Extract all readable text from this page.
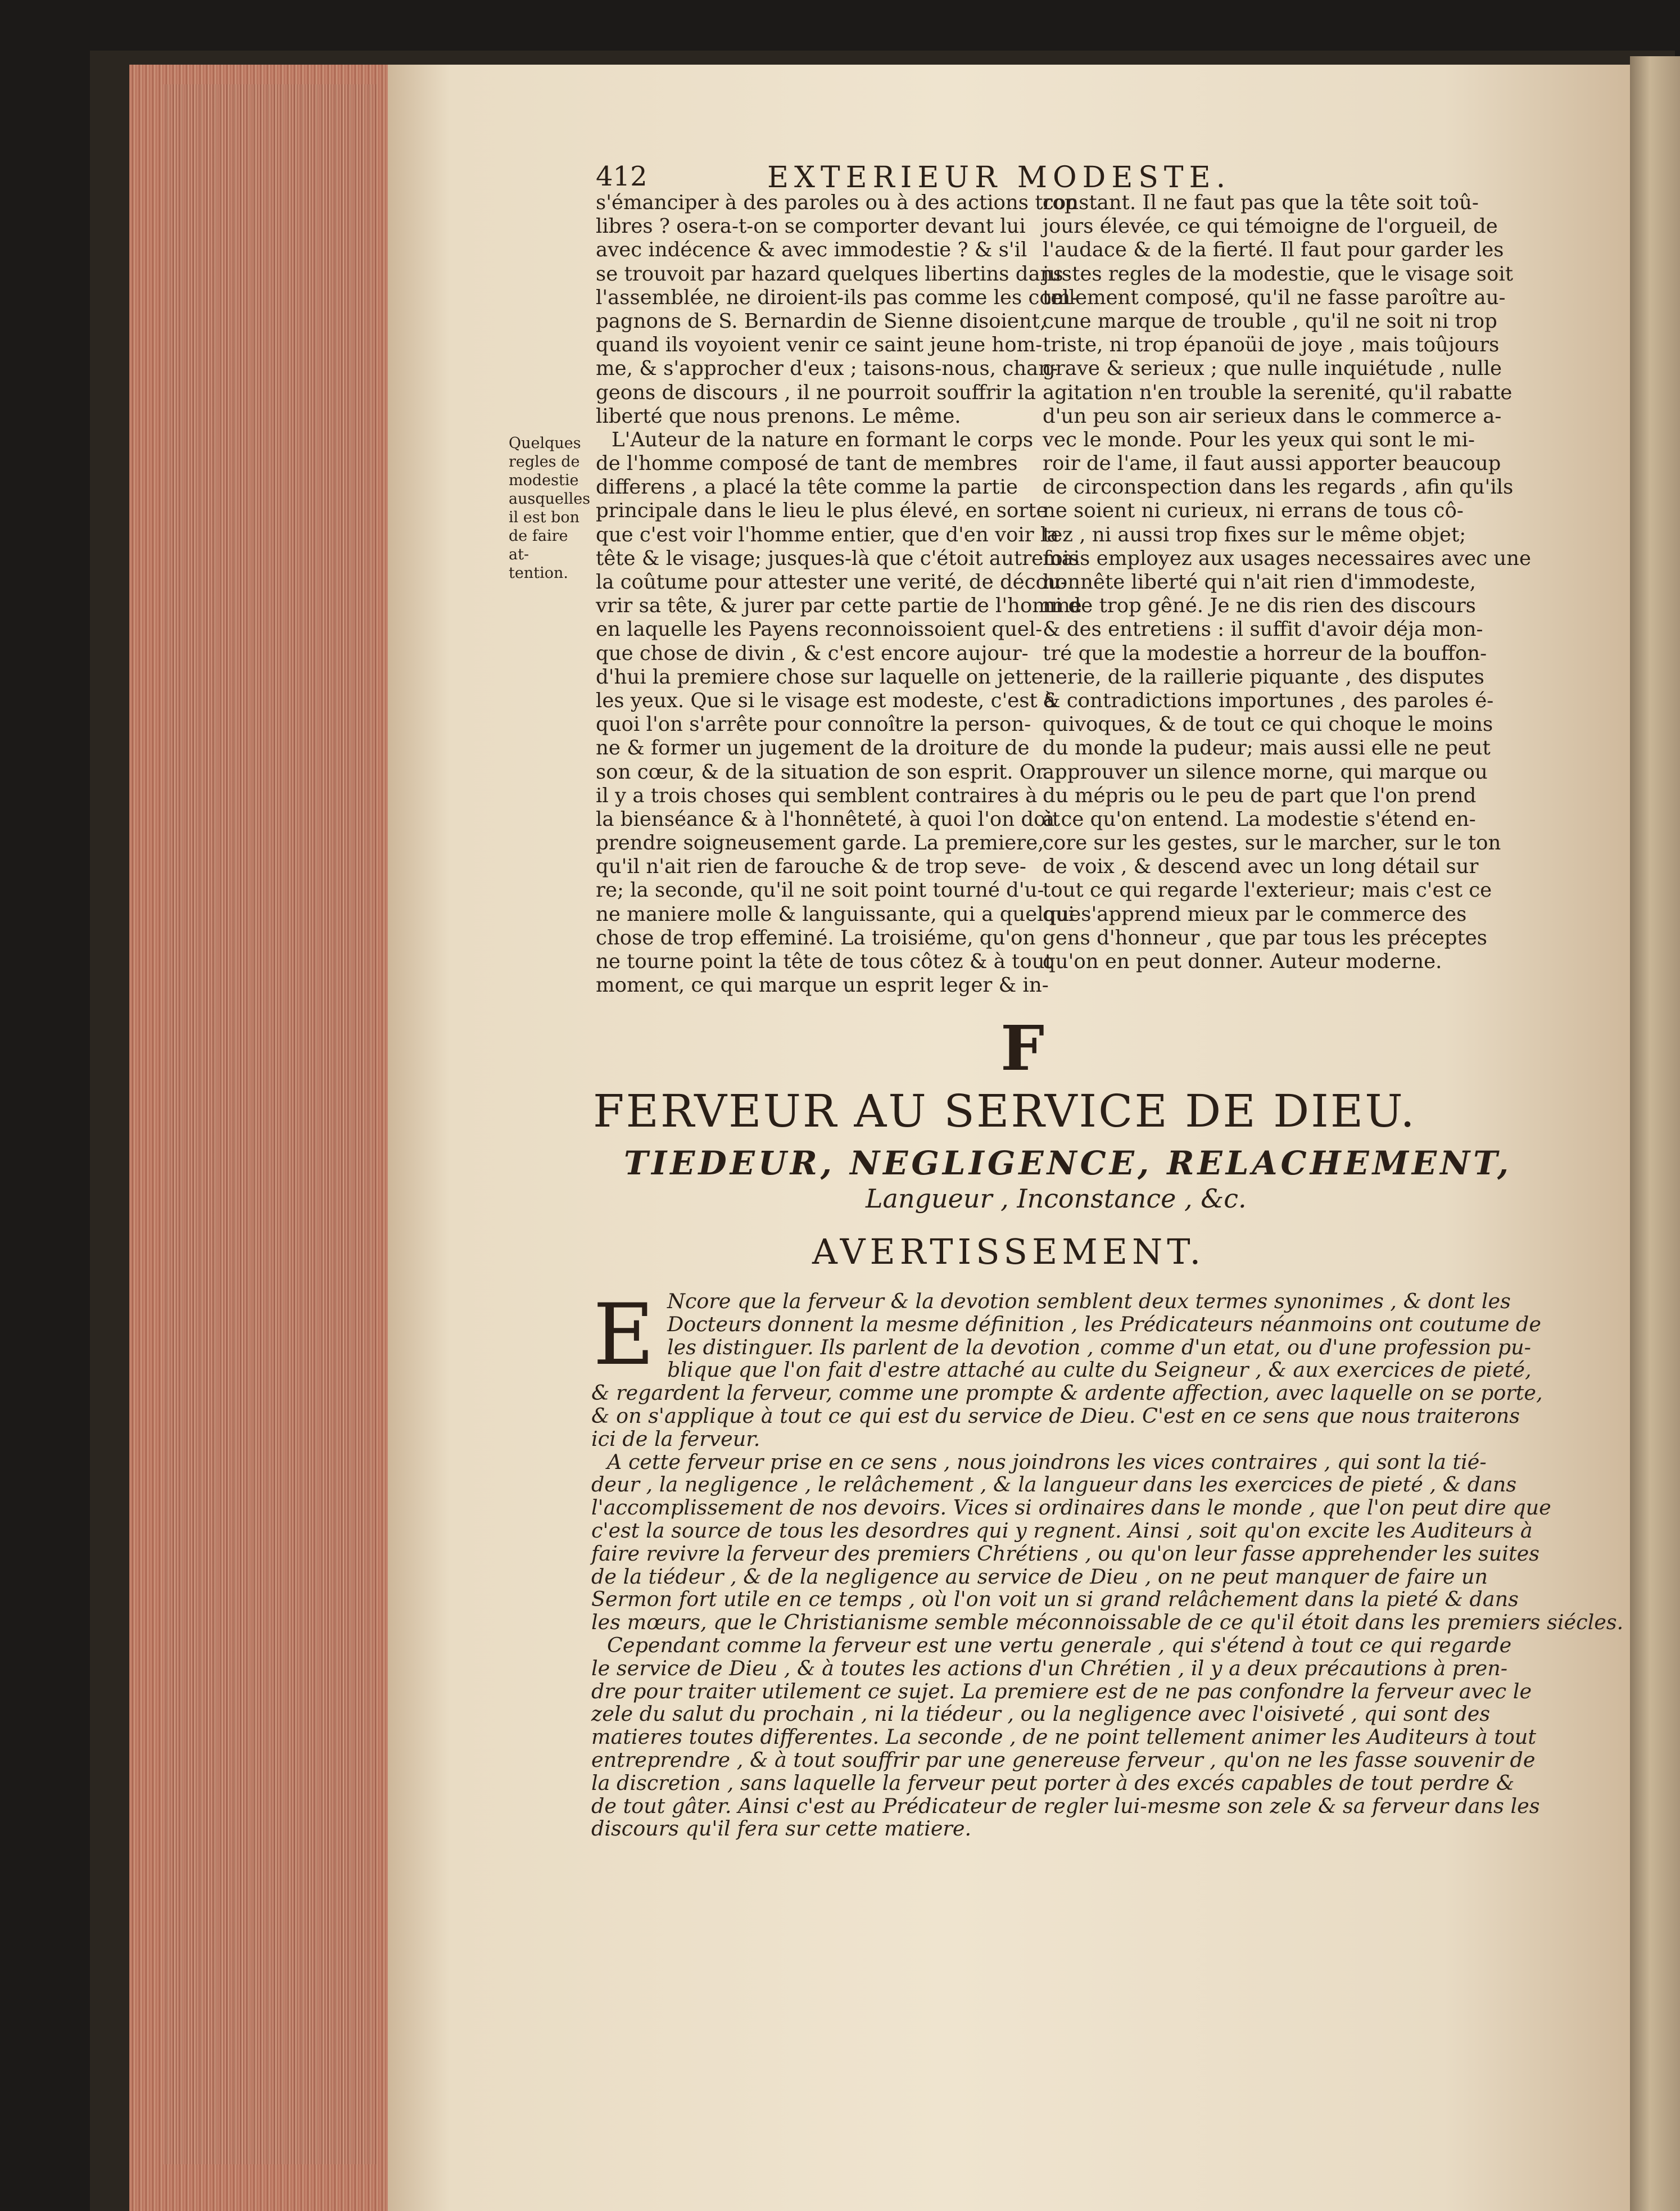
412	EXTERIEUR MODESTE.
Quelques
regles de
modestie
ausquelles
il est bon
de faire at-
tention.
s'émanciper à des paroles ou à des actions trop
libres ? osera-t-on se comporter devant lui
avec indécence & avec immodestie ? & s'il
se trouvoit par hazard quelques libertins dans
l'assemblée, ne diroient-ils pas comme les com-
pagnons de S. Bernardin de Sienne disoient,
quand ils voyoient venir ce saint jeune hom-
me, & s'approcher d'eux ; taisons-nous, chan-
geons de discours , il ne pourroit souffrir la
liberté que nous prenons. Le même.
L'Auteur de la nature en formant le corps
de l'homme composé de tant de membres
differens , a placé la tête comme la partie
principale dans le lieu le plus élevé, en sorte
que c'est voir l'homme entier, que d'en voir la
tête & le visage; jusques-là que c'étoit autrefois
la coûtume pour attester une verité, de décou-
vrir sa tête, & jurer par cette partie de l'homme
en laquelle les Payens reconnoissoient quel-
que chose de divin , & c'est encore aujour-
d'hui la premiere chose sur laquelle on jette
les yeux. Que si le visage est modeste, c'est à
quoi l'on s'arrête pour connoître la person-
ne & former un jugement de la droiture de
son cœur, & de la situation de son esprit. Or
il y a trois choses qui semblent contraires à
la bienséance & à l'honnêteté, à quoi l'on doit
prendre soigneusement garde. La premiere,
qu'il n'ait rien de farouche & de trop seve-
re; la seconde, qu'il ne soit point tourné d'u-
ne maniere molle & languissante, qui a quelque
chose de trop effeminé. La troisiéme, qu'on
ne tourne point la tête de tous côtez & à tout
moment, ce qui marque un esprit leger & in-
constant. Il ne faut pas que la tête soit toû-
jours élevée, ce qui témoigne de l'orgueil, de
l'audace & de la fierté. Il faut pour garder les
justes regles de la modestie, que le visage soit
tellement composé, qu'il ne fasse paroître au-
cune marque de trouble , qu'il ne soit ni trop
triste, ni trop épanoüi de joye , mais toûjours
grave & serieux ; que nulle inquiétude , nulle
agitation n'en trouble la serenité, qu'il rabatte
d'un peu son air serieux dans le commerce a-
vec le monde. Pour les yeux qui sont le mi-
roir de l'ame, il faut aussi apporter beaucoup
de circonspection dans les regards , afin qu'ils
ne soient ni curieux, ni errans de tous cô-
tez , ni aussi trop fixes sur le même objet;
mais employez aux usages necessaires avec une
honnête liberté qui n'ait rien d'immodeste,
ni de trop gêné. Je ne dis rien des discours
& des entretiens : il suffit d'avoir déja mon-
tré que la modestie a horreur de la bouffon-
nerie, de la raillerie piquante , des disputes
& contradictions importunes , des paroles é-
quivoques, & de tout ce qui choque le moins
du monde la pudeur; mais aussi elle ne peut
approuver un silence morne, qui marque ou
du mépris ou le peu de part que l'on prend
à ce qu'on entend. La modestie s'étend en-
core sur les gestes, sur le marcher, sur le ton
de voix , & descend avec un long détail sur
tout ce qui regarde l'exterieur; mais c'est ce
qui s'apprend mieux par le commerce des
gens d'honneur , que par tous les préceptes
qu'on en peut donner. Auteur moderne.
F
FERVEUR AU SERVICE DE DIEU.
TIEDEUR, NEGLIGENCE, RELACHEMENT,
Langueur , Inconstance , &c.
AVERTISSEMENT.
E Ncore que la ferveur & la devotion semblent deux termes synonimes , & dont les
Docteurs donnent la mesme définition , les Prédicateurs néanmoins ont coutume de
les distinguer. Ils parlent de la devotion , comme d'un etat, ou d'une profession pu-
blique que l'on fait d'estre attaché au culte du Seigneur , & aux exercices de pieté,
& regardent la ferveur, comme une prompte & ardente affection, avec laquelle on se porte,
& on s'applique à tout ce qui est du service de Dieu. C'est en ce sens que nous traiterons
ici de la ferveur.
A cette ferveur prise en ce sens , nous joindrons les vices contraires , qui sont la tié-
deur , la negligence , le relâchement , & la langueur dans les exercices de pieté , & dans
l'accomplissement de nos devoirs. Vices si ordinaires dans le monde , que l'on peut dire que
c'est la source de tous les desordres qui y regnent. Ainsi , soit qu'on excite les Auditeurs à
faire revivre la ferveur des premiers Chrétiens , ou qu'on leur fasse apprehender les suites
de la tiédeur , & de la negligence au service de Dieu , on ne peut manquer de faire un
Sermon fort utile en ce temps , où l'on voit un si grand relâchement dans la pieté & dans
les mœurs, que le Christianisme semble méconnoissable de ce qu'il étoit dans les premiers siécles.
Cependant comme la ferveur est une vertu generale , qui s'étend à tout ce qui regarde
le service de Dieu , & à toutes les actions d'un Chrétien , il y a deux précautions à pren-
dre pour traiter utilement ce sujet. La premiere est de ne pas confondre la ferveur avec le
zele du salut du prochain , ni la tiédeur , ou la negligence avec l'oisiveté , qui sont des
matieres toutes differentes. La seconde , de ne point tellement animer les Auditeurs à tout
entreprendre , & à tout souffrir par une genereuse ferveur , qu'on ne les fasse souvenir de
la discretion , sans laquelle la ferveur peut porter à des excés capables de tout perdre &
de tout gâter. Ainsi c'est au Prédicateur de regler lui-mesme son zele & sa ferveur dans les
discours qu'il fera sur cette matiere.
